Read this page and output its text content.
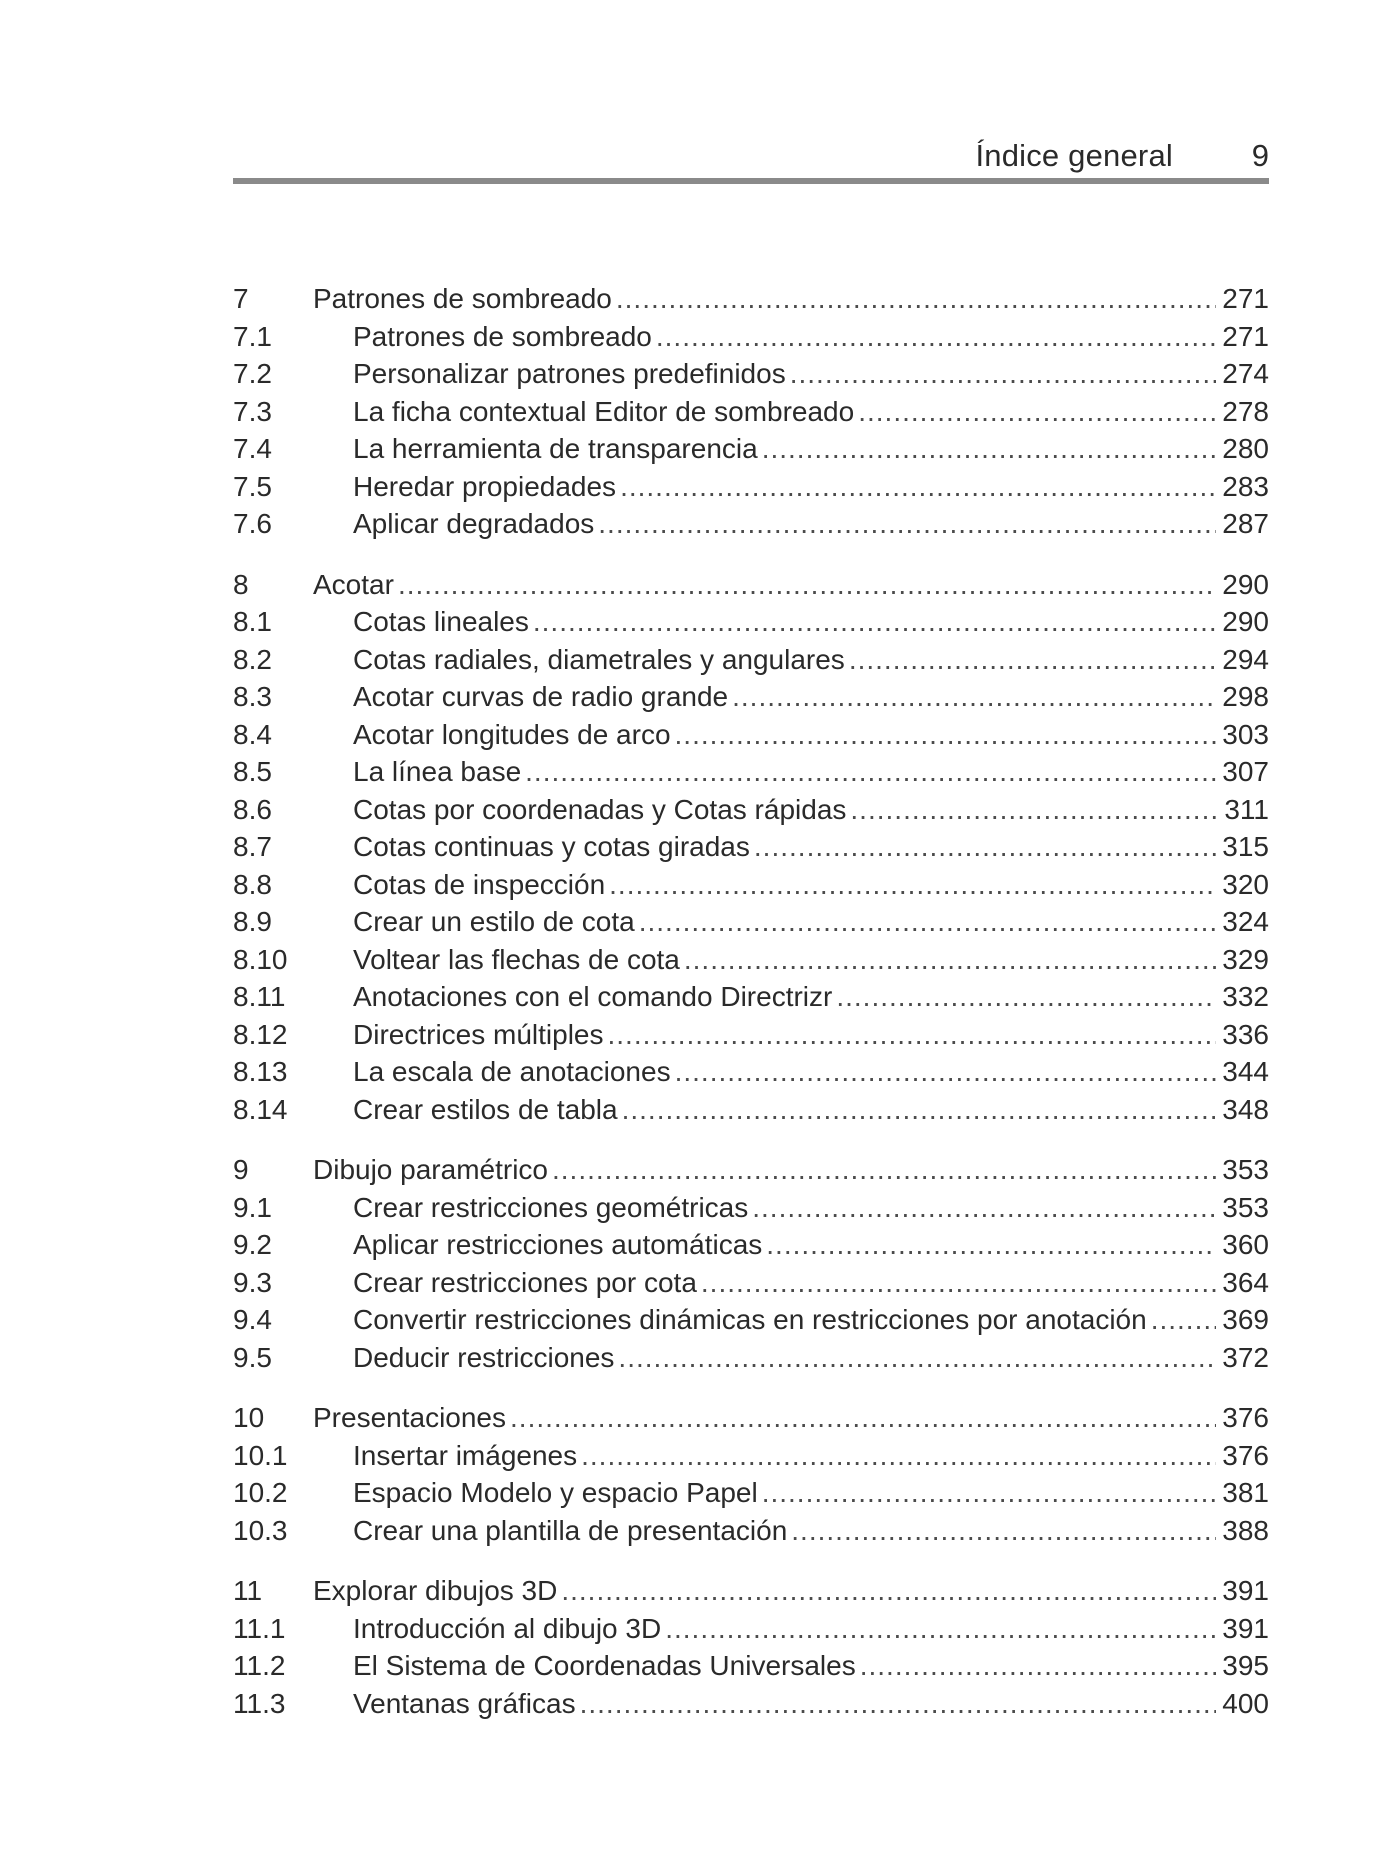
Índice general	9
7 Patrones de sombreado .....	271
7.1	Patrones de sombreado .....	271
7.2	Personalizar patrones predefinidos .....	274
7.3	La ficha contextual Editor de sombreado .....	278
7.4	La herramienta de transparencia .....	280
7.5	Heredar propiedades .....	283
7.6	Aplicar degradados .....	287
8 Acotar .....	290
8.1	Cotas lineales .....	290
8.2	Cotas radiales, diametrales y angulares .....	294
8.3	Acotar curvas de radio grande .....	298
8.4	Acotar longitudes de arco .....	303
8.5	La línea base .....	307
8.6	Cotas por coordenadas y Cotas rápidas .....	311
8.7	Cotas continuas y cotas giradas .....	315
8.8	Cotas de inspección .....	320
8.9	Crear un estilo de cota .....	324
8.10 Voltear las flechas de cota .....	329
8.11 Anotaciones con el comando Directrizr .....	332
8.12 Directrices múltiples .....	336
8.13 La escala de anotaciones .....	344
8.14 Crear estilos de tabla .....	348
9 Dibujo paramétrico .....	353
9.1	Crear restricciones geométricas .....	353
9.2	Aplicar restricciones automáticas .....	360
9.3	Crear restricciones por cota .....	364
9.4	Convertir restricciones dinámicas en restricciones por anotación .....	369
9.5	Deducir restricciones .....	372
10 Presentaciones .....	376
10.1 Insertar imágenes .....	376
10.2 Espacio Modelo y espacio Papel .....	381
10.3 Crear una plantilla de presentación .....	388
11 Explorar dibujos 3D .....	391
11.1 Introducción al dibujo 3D .....	391
11.2 El Sistema de Coordenadas Universales .....	395
11.3 Ventanas gráficas .....	400
